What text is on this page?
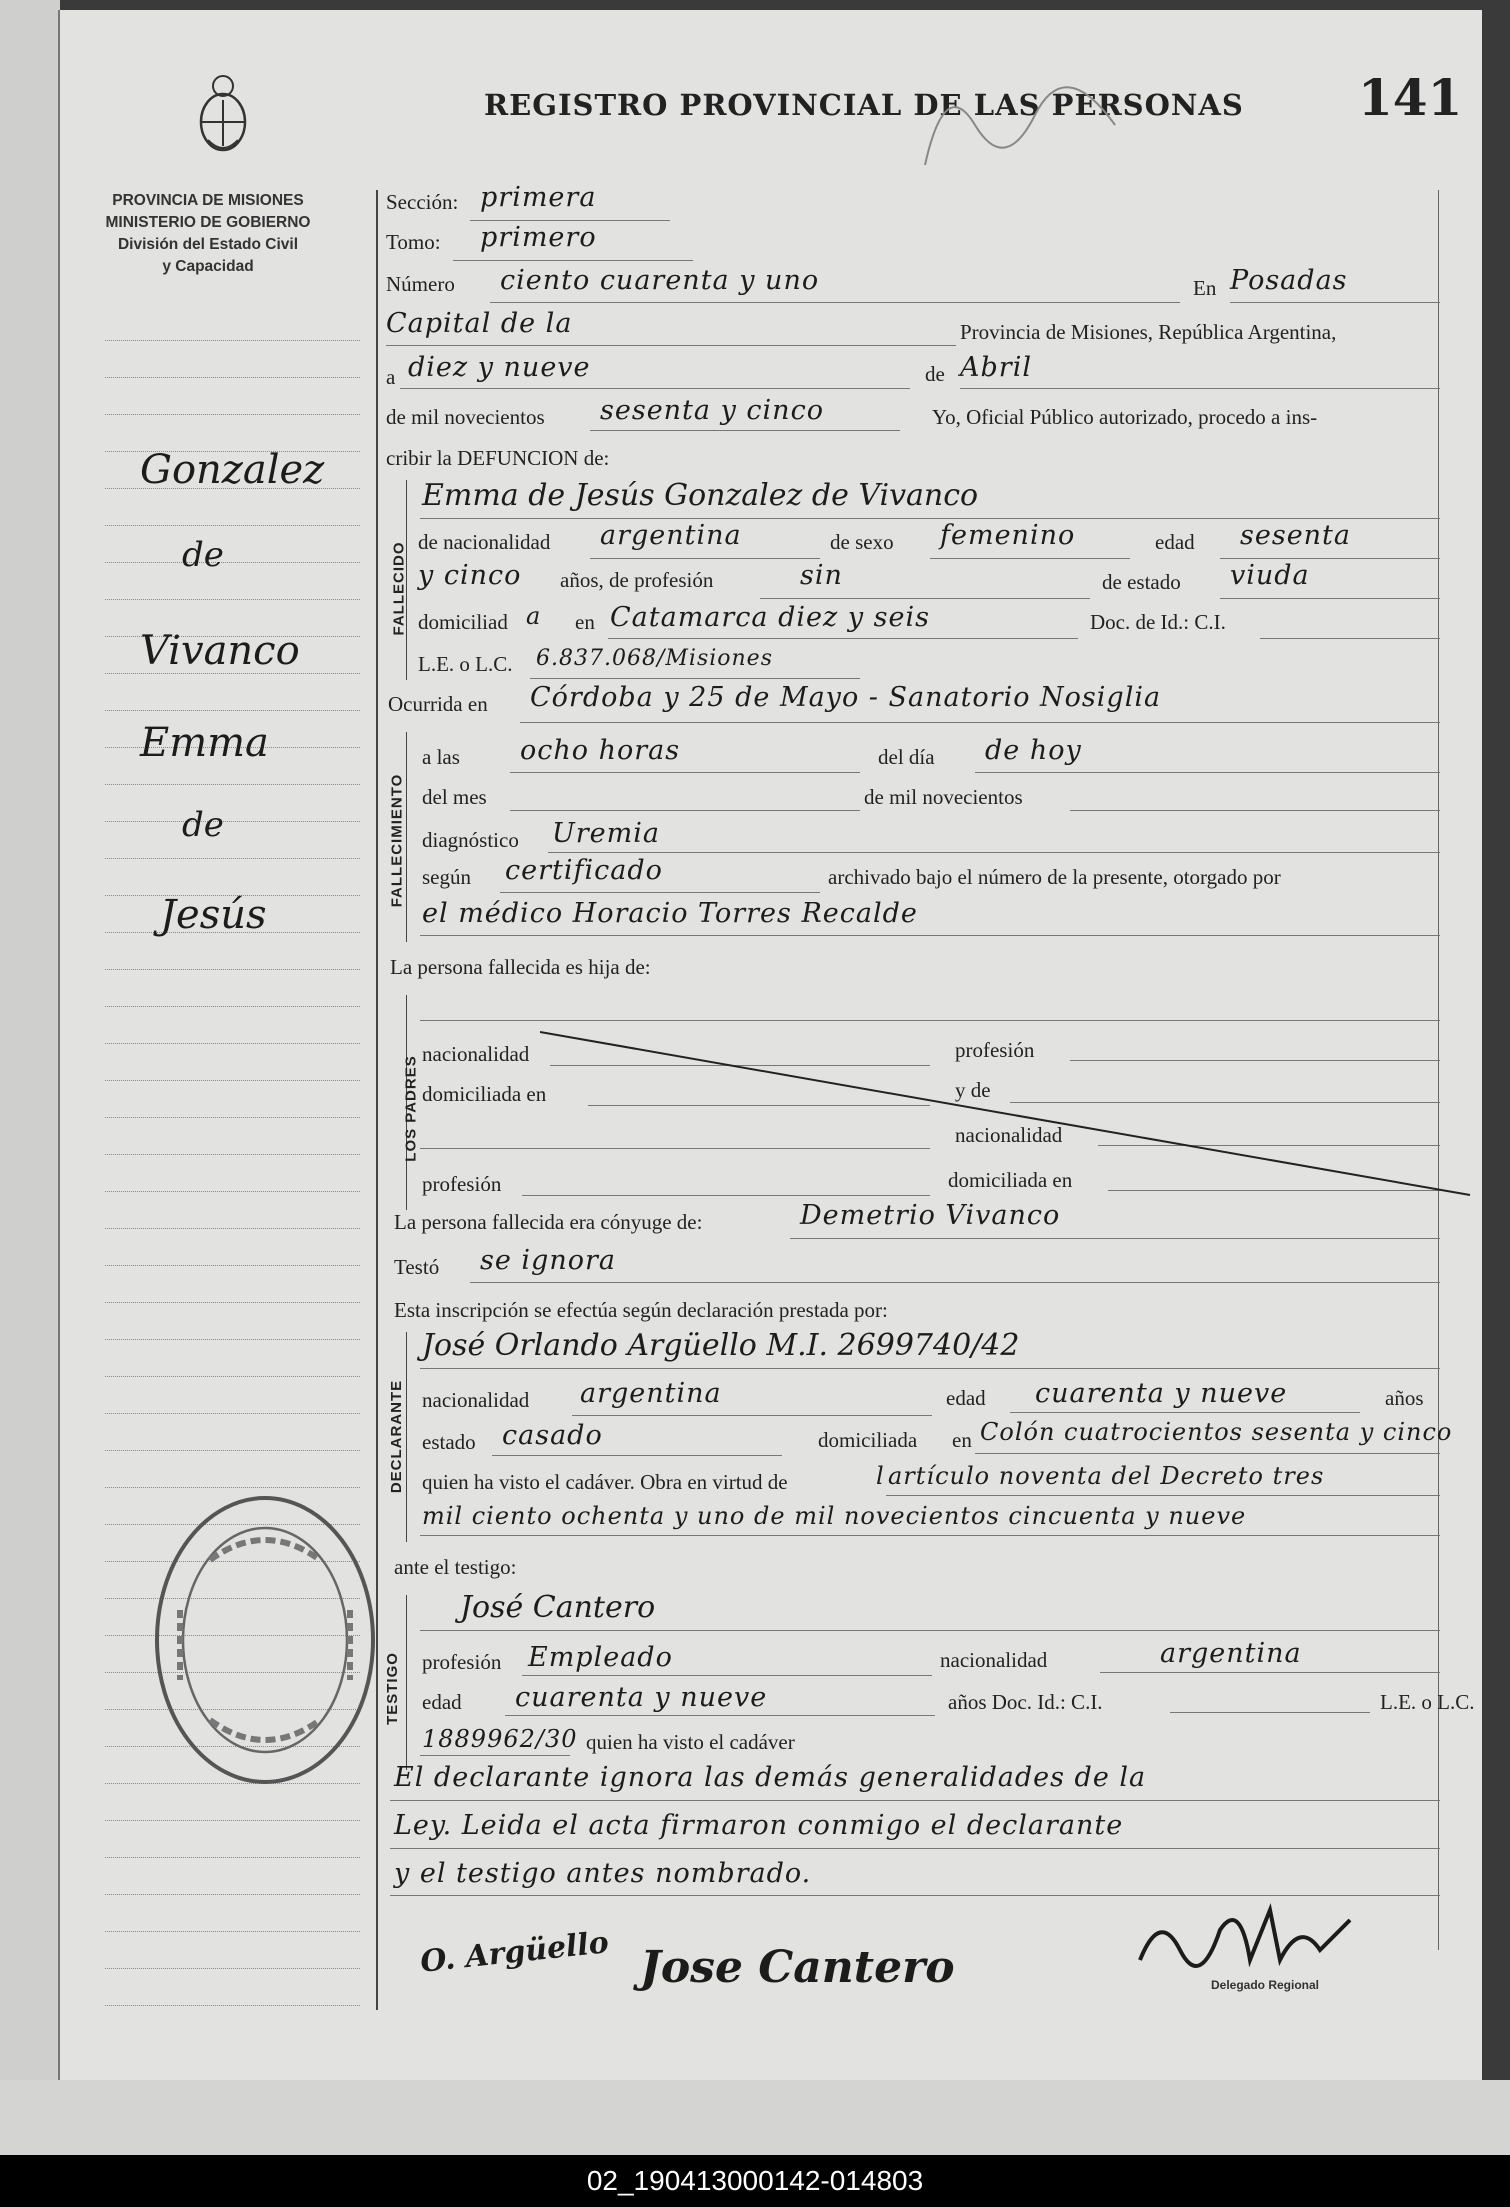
REGISTRO PROVINCIAL DE LAS PERSONAS 141
PROVINCIA DE MISIONES
MINISTERIO DE GOBIERNO
División del Estado Civil
y Capacidad
Gonzalez
de
Vivanco
Emma
de
Jesús
Sección: primera
Tomo: primero
Número ciento cuarenta y uno	En Posadas
Capital de la	Provincia de Misiones, República Argentina,
a diez y nueve	de Abril
de mil novecientos sesenta y cinco	Yo, Oficial Público autorizado, procedo a ins-
cribir la DEFUNCION de:
FALLECIDO
Emma de Jesús Gonzalez de Vivanco
de nacionalidad argentina	de sexo femenino	edad sesenta
y cinco años, de profesión	sin	de estado viuda
domiciliad a en Catamarca diez y seis	Doc. de Id.: C.I.
L.E. o L.C. 6.837.068/Misiones
Ocurrida en Córdoba y 25 de Mayo - Sanatorio Nosiglia
FALLECIMIENTO
a las ocho horas	del día de hoy
del mes	de mil novecientos
diagnóstico Uremia
según certificado	archivado bajo el número de la presente, otorgado por
el médico Horacio Torres Recalde
La persona fallecida es hija de:
LOS PADRES
nacionalidad	profesión
domiciliada en	y de
nacionalidad
profesión	domiciliada en
La persona fallecida era cónyuge de:	Demetrio Vivanco
Testó se ignora
Esta inscripción se efectúa según declaración prestada por:
DECLARANTE
José Orlando Argüello M.I. 2699740/42
nacionalidad argentina	edad cuarenta y nueve	años
estado casado	domiciliada en Colón cuatrocientos sesenta y cinco
quien ha visto el cadáver. Obra en virtud de	l artículo noventa del Decreto tres
mil ciento ochenta y uno de mil novecientos cincuenta y nueve
ante el testigo:
TESTIGO
José Cantero
profesión Empleado	nacionalidad	argentina
edad cuarenta y nueve	años Doc. Id.: C.I.	L.E. o L.C.
1889962/30 quien ha visto el cadáver
El declarante ignora las demás generalidades de la
Ley. Leida el acta firmaron conmigo el declarante
y el testigo antes nombrado.
O. Argüello Jose Cantero	Delegado Regional
02_190413000142-014803
